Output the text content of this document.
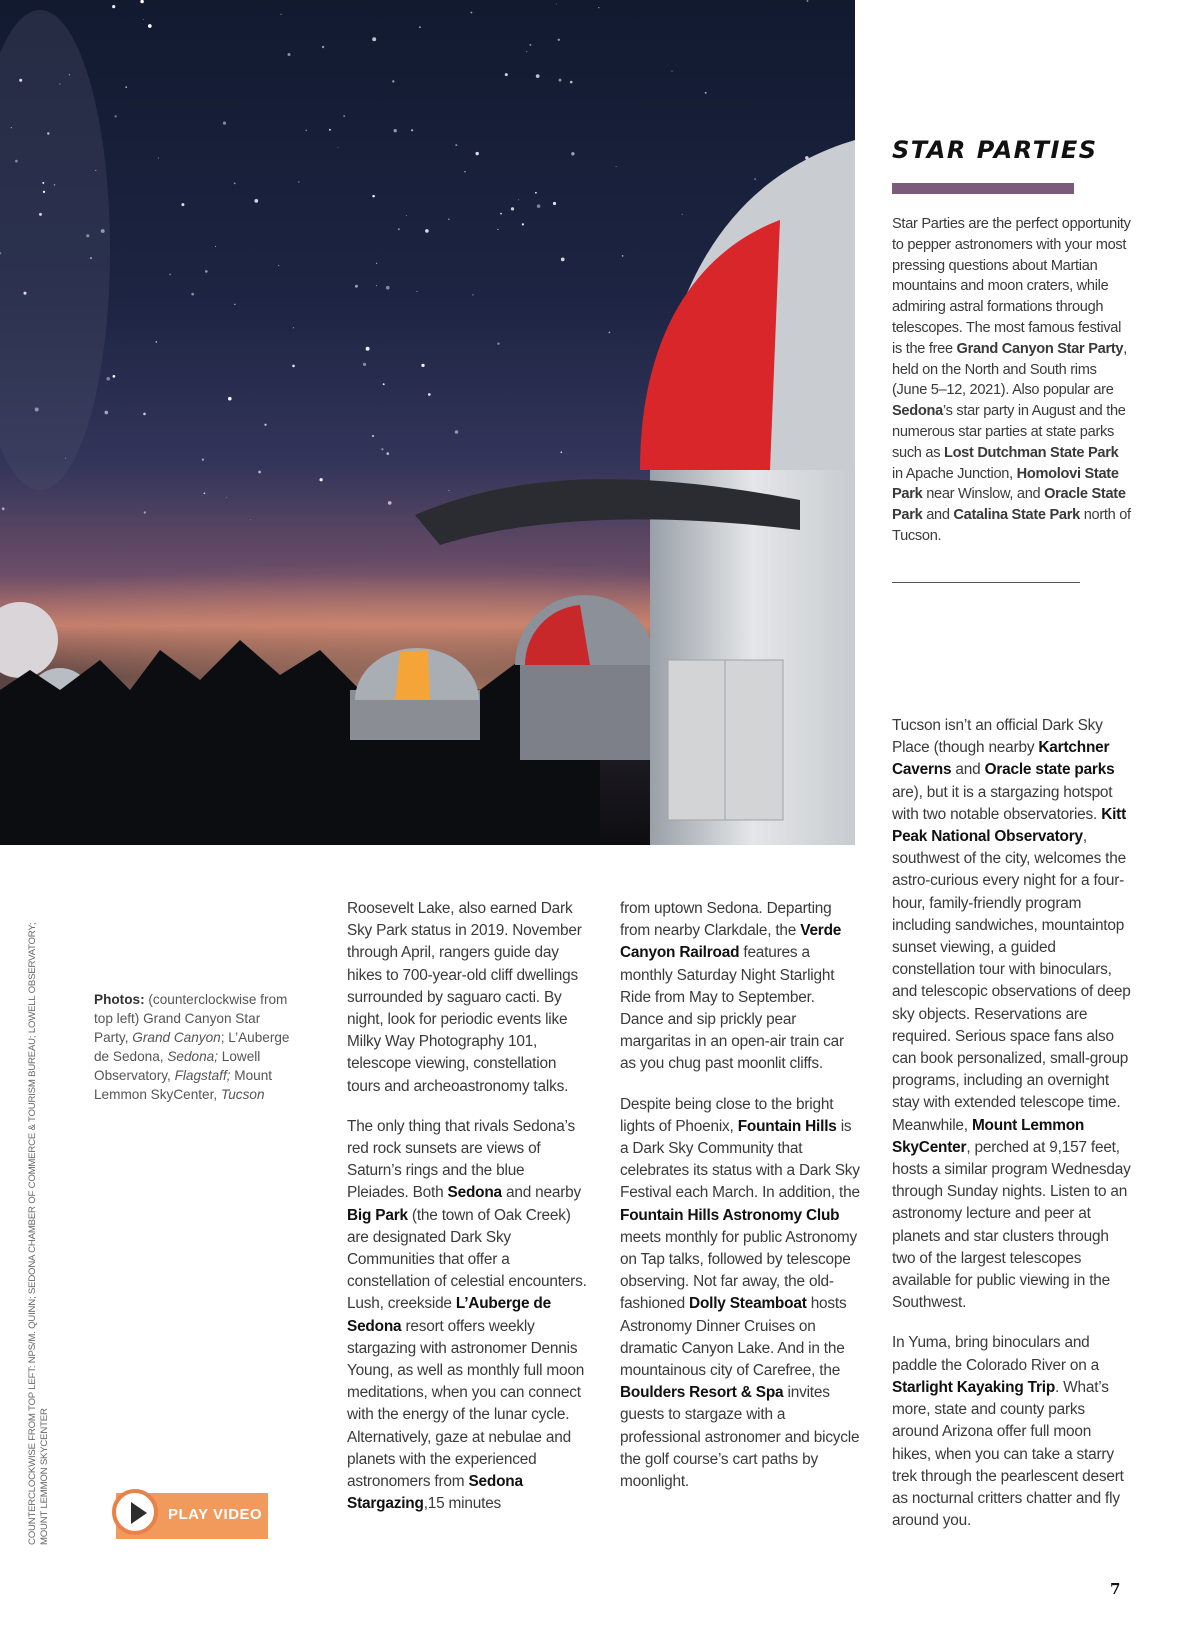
STAR PARTIES
Star Parties are the perfect opportunity to pepper astronomers with your most pressing questions about Martian mountains and moon craters, while admiring astral formations through telescopes. The most famous festival is the free Grand Canyon Star Party, held on the North and South rims (June 5–12, 2021). Also popular are Sedona’s star party in August and the numerous star parties at state parks such as Lost Dutchman State Park in Apache Junction, Homolovi State Park near Winslow, and Oracle State Park and Catalina State Park north of Tucson.
COUNTERCLOCKWISE FROM TOP LEFT: NPS/M. QUINN; SEDONA CHAMBER OF COMMERCE & TOURISM BUREAU; LOWELL OBSERVATORY; MOUNT LEMMON SKYCENTER
Photos: (counterclockwise from top left) Grand Canyon Star Party, Grand Canyon; L’Auberge de Sedona, Sedona; Lowell Observatory, Flagstaff; Mount Lemmon SkyCenter, Tucson
PLAY VIDEO

Roosevelt Lake, also earned Dark Sky Park status in 2019. November through April, rangers guide day hikes to 700-year-old cliff dwellings surrounded by saguaro cacti. By night, look for periodic events like Milky Way Photography 101, telescope viewing, constellation tours and archeoastronomy talks.

The only thing that rivals Sedona’s red rock sunsets are views of Saturn’s rings and the blue Pleiades. Both Sedona and nearby Big Park (the town of Oak Creek) are designated Dark Sky Communities that offer a constellation of celestial encounters. Lush, creekside L’Auberge de Sedona resort offers weekly stargazing with astronomer Dennis Young, as well as monthly full moon meditations, when you can connect with the energy of the lunar cycle. Alternatively, gaze at nebulae and planets with the experienced astronomers from Sedona Stargazing,15 minutes

from uptown Sedona. Departing from nearby Clarkdale, the Verde Canyon Railroad features a monthly Saturday Night Starlight Ride from May to September. Dance and sip prickly pear margaritas in an open-air train car as you chug past moonlit cliffs.

Despite being close to the bright lights of Phoenix, Fountain Hills is a Dark Sky Community that celebrates its status with a Dark Sky Festival each March. In addition, the Fountain Hills Astronomy Club meets monthly for public Astronomy on Tap talks, followed by telescope observing. Not far away, the old-fashioned Dolly Steamboat hosts Astronomy Dinner Cruises on dramatic Canyon Lake. And in the mountainous city of Carefree, the Boulders Resort & Spa invites guests to stargaze with a professional astronomer and bicycle the golf course’s cart paths by moonlight.

Tucson isn’t an official Dark Sky Place (though nearby Kartchner Caverns and Oracle state parks are), but it is a stargazing hotspot with two notable observatories. Kitt Peak National Observatory, southwest of the city, welcomes the astro-curious every night for a four-hour, family-friendly program including sandwiches, mountaintop sunset viewing, a guided constellation tour with binoculars, and telescopic observations of deep sky objects. Reservations are required. Serious space fans also can book personalized, small-group programs, including an overnight stay with extended telescope time. Meanwhile, Mount Lemmon SkyCenter, perched at 9,157 feet, hosts a similar program Wednesday through Sunday nights. Listen to an astronomy lecture and peer at planets and star clusters through two of the largest telescopes available for public viewing in the Southwest.

In Yuma, bring binoculars and paddle the Colorado River on a Starlight Kayaking Trip. What’s more, state and county parks around Arizona offer full moon hikes, when you can take a starry trek through the pearlescent desert as nocturnal critters chatter and fly around you.

7
